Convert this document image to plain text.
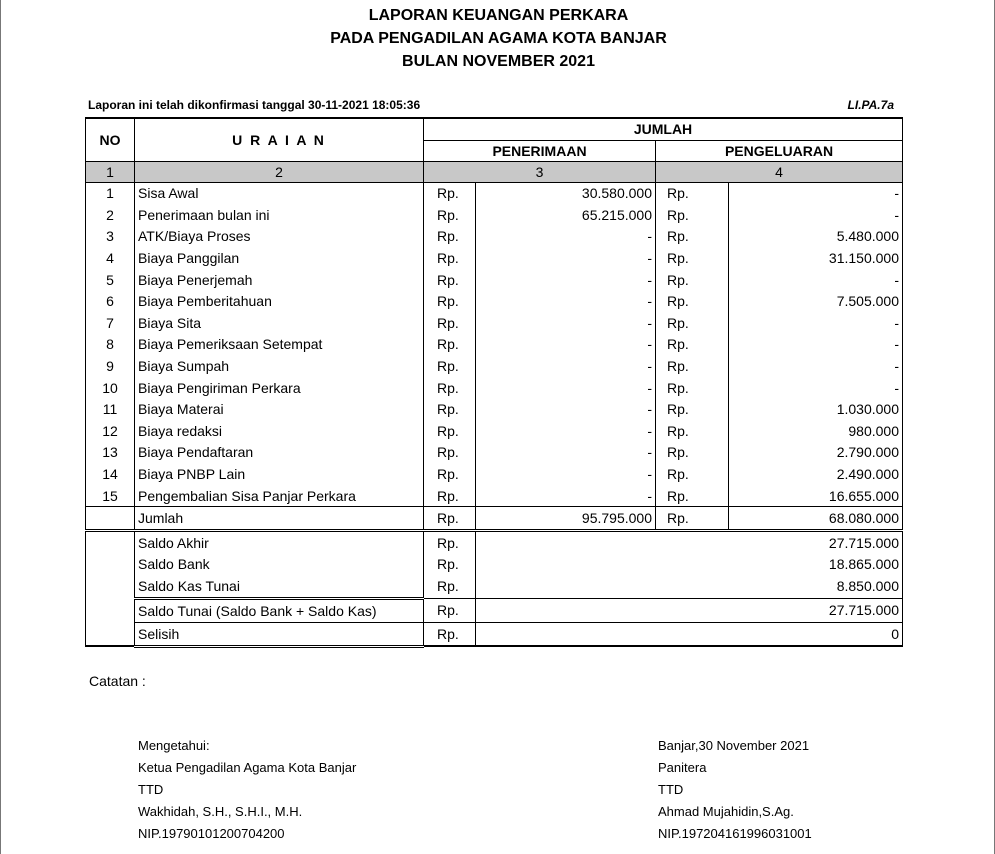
LAPORAN KEUANGAN PERKARA
PADA PENGADILAN AGAMA KOTA BANJAR
BULAN NOVEMBER 2021
Laporan ini telah dikonfirmasi tanggal 30-11-2021 18:05:36	LI.PA.7a
NO	U R A I A N	JUMLAH			
		PENERIMAAN		PENGELUARAN	
1	2	3		4	
1	Sisa Awal	Rp.	30.580.000	Rp.	-
2	Penerimaan bulan ini	Rp.	65.215.000	Rp.	-
3	ATK/Biaya Proses	Rp.	-	Rp.	5.480.000
4	Biaya Panggilan	Rp.	-	Rp.	31.150.000
5	Biaya Penerjemah	Rp.	-	Rp.	-
6	Biaya Pemberitahuan	Rp.	-	Rp.	7.505.000
7	Biaya Sita	Rp.	-	Rp.	-
8	Biaya Pemeriksaan Setempat	Rp.	-	Rp.	-
9	Biaya Sumpah	Rp.	-	Rp.	-
10	Biaya Pengiriman Perkara	Rp.	-	Rp.	-
11	Biaya Materai	Rp.	-	Rp.	1.030.000
12	Biaya redaksi	Rp.	-	Rp.	980.000
13	Biaya Pendaftaran	Rp.	-	Rp.	2.790.000
14	Biaya PNBP Lain	Rp.	-	Rp.	2.490.000
15	Pengembalian Sisa Panjar Perkara	Rp.	-	Rp.	16.655.000
	Jumlah	Rp.	95.795.000	Rp.	68.080.000

	Saldo Akhir	Rp.	27.715.000		
	Saldo Bank	Rp.	18.865.000		
	Saldo Kas Tunai	Rp.	8.850.000		
	Saldo Tunai (Saldo Bank + Saldo Kas)	Rp.	27.715.000		
	Selisih	Rp.	0		
Catatan :
Mengetahui:
Ketua Pengadilan Agama Kota Banjar
TTD
Wakhidah, S.H., S.H.I., M.H.
NIP.19790101200704200
Banjar,30 November 2021
Panitera
TTD
Ahmad Mujahidin,S.Ag.
NIP.197204161996031001
